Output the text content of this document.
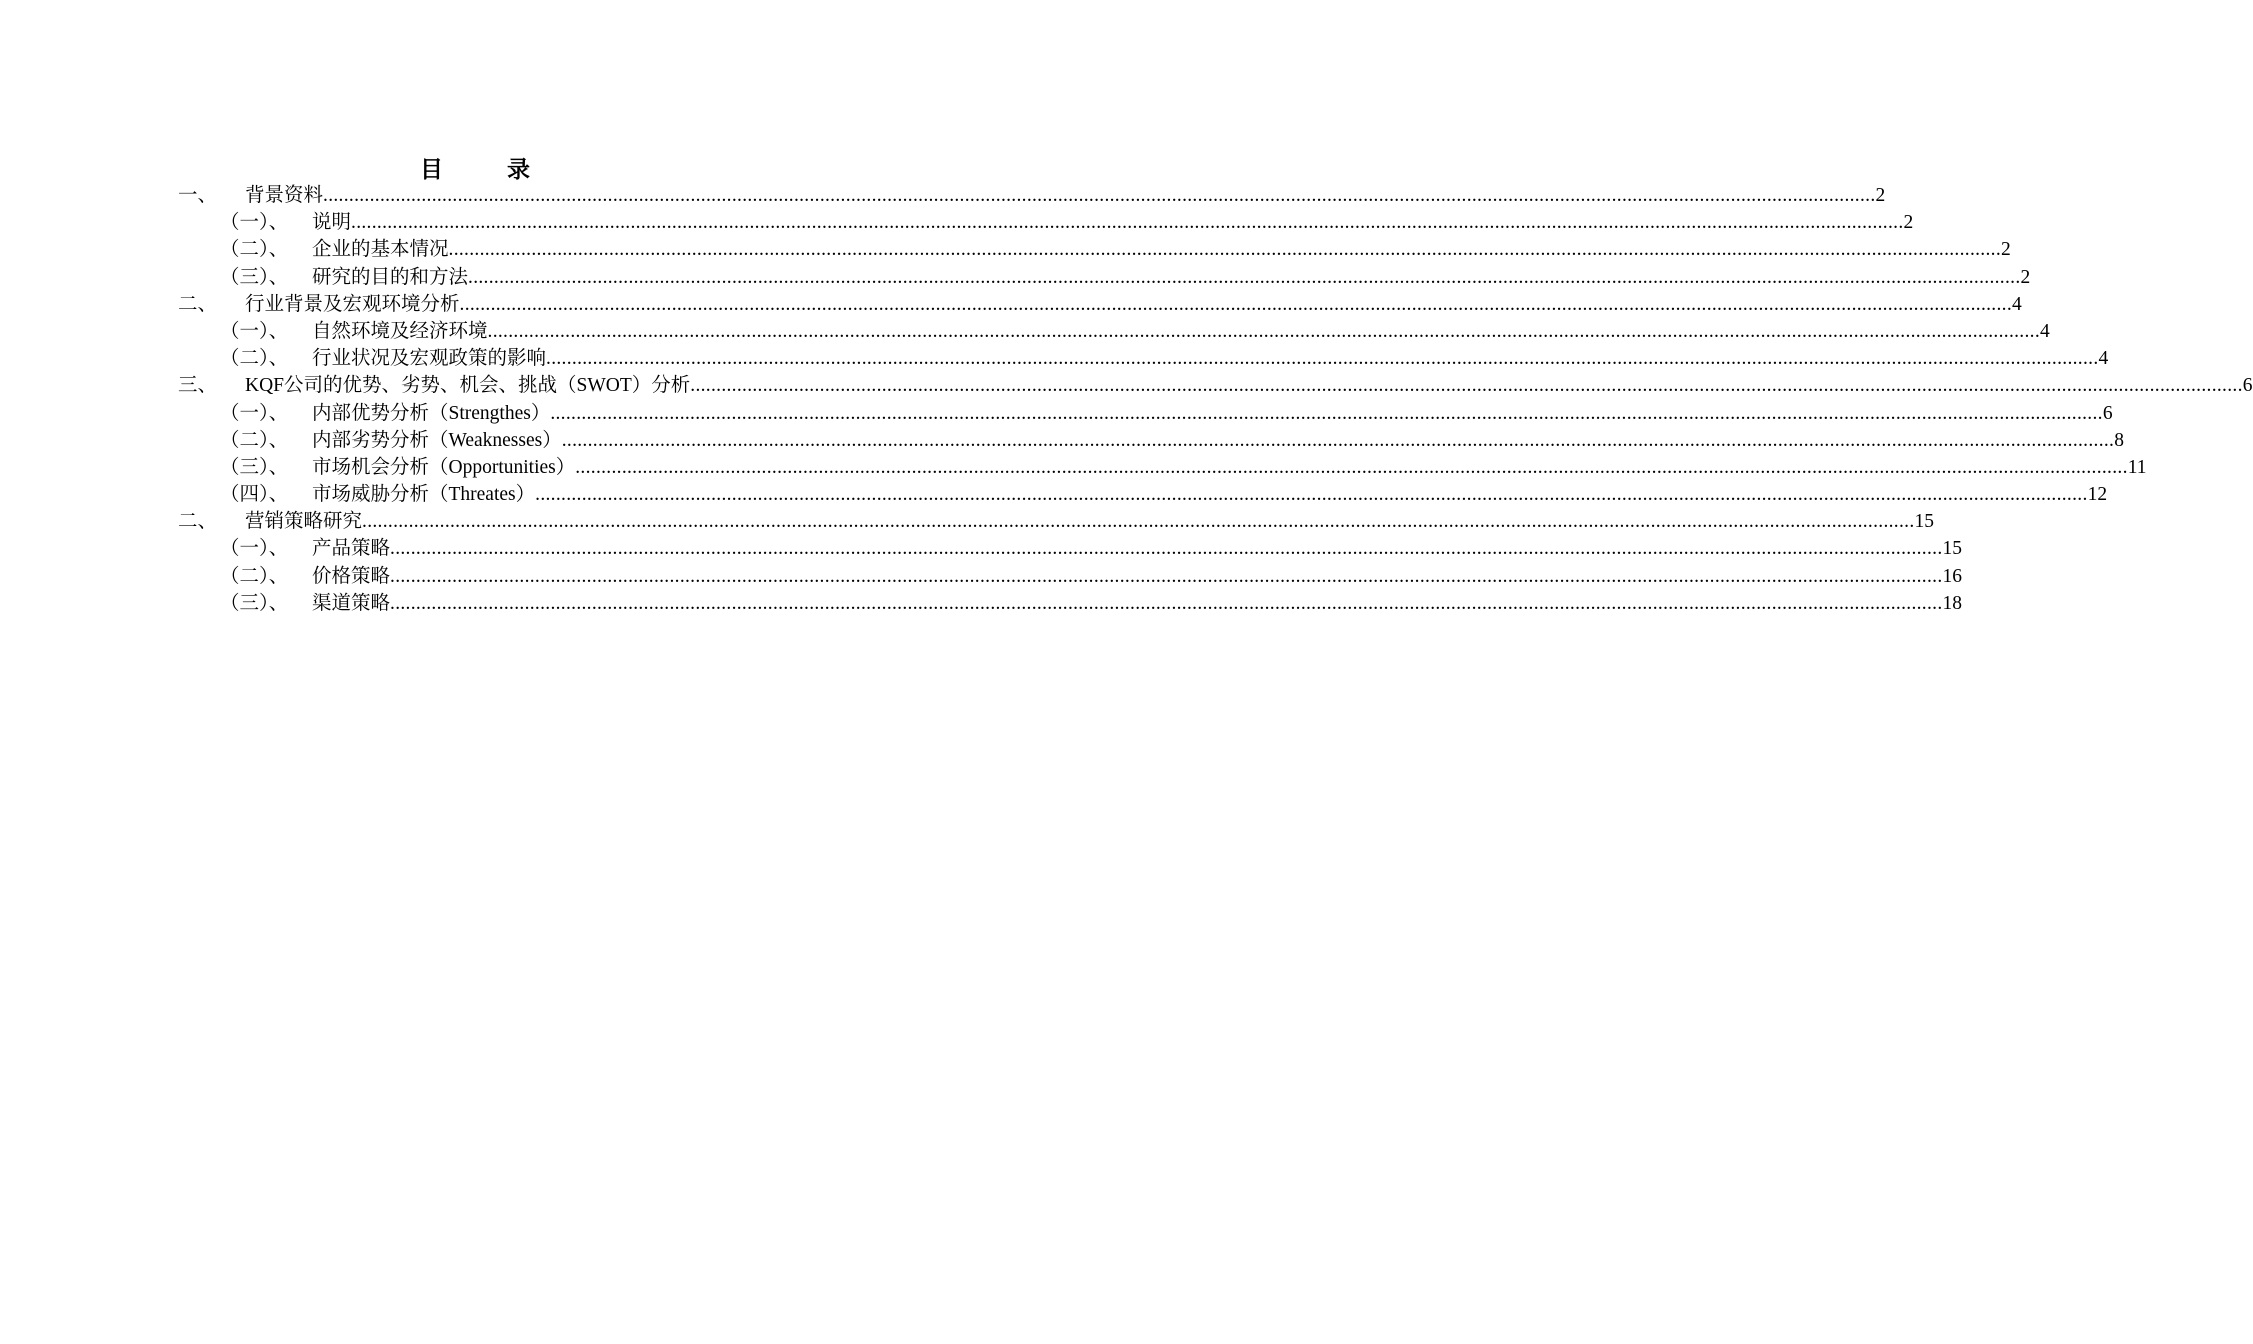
目	录
一、	背景资料 ............................................................................................................................................................................................................................................................................................................ 2
（一）、	说明 ............................................................................................................................................................................................................................................................................................................ 2
（二）、	企业的基本情况 ............................................................................................................................................................................................................................................................................................................ 2
（三）、	研究的目的和方法 ............................................................................................................................................................................................................................................................................................................ 2
二、	行业背景及宏观环境分析 ............................................................................................................................................................................................................................................................................................................ 4
（一）、	自然环境及经济环境 ............................................................................................................................................................................................................................................................................................................ 4
（二）、	行业状况及宏观政策的影响 ............................................................................................................................................................................................................................................................................................................ 4
三、	KQF公司的优势、劣势、机会、挑战（SWOT）分析 ............................................................................................................................................................................................................................................................................................................ 6
（一）、	内部优势分析（Strengthes） ............................................................................................................................................................................................................................................................................................................ 6
（二）、	内部劣势分析（Weaknesses） ............................................................................................................................................................................................................................................................................................................ 8
（三）、	市场机会分析（Opportunities） ............................................................................................................................................................................................................................................................................................................ 11
（四）、	市场威胁分析（Threates） ............................................................................................................................................................................................................................................................................................................ 12
二、	营销策略研究 ............................................................................................................................................................................................................................................................................................................ 15
（一）、	产品策略 ............................................................................................................................................................................................................................................................................................................ 15
（二）、	价格策略 ............................................................................................................................................................................................................................................................................................................ 16
（三）、	渠道策略 ............................................................................................................................................................................................................................................................................................................ 18
